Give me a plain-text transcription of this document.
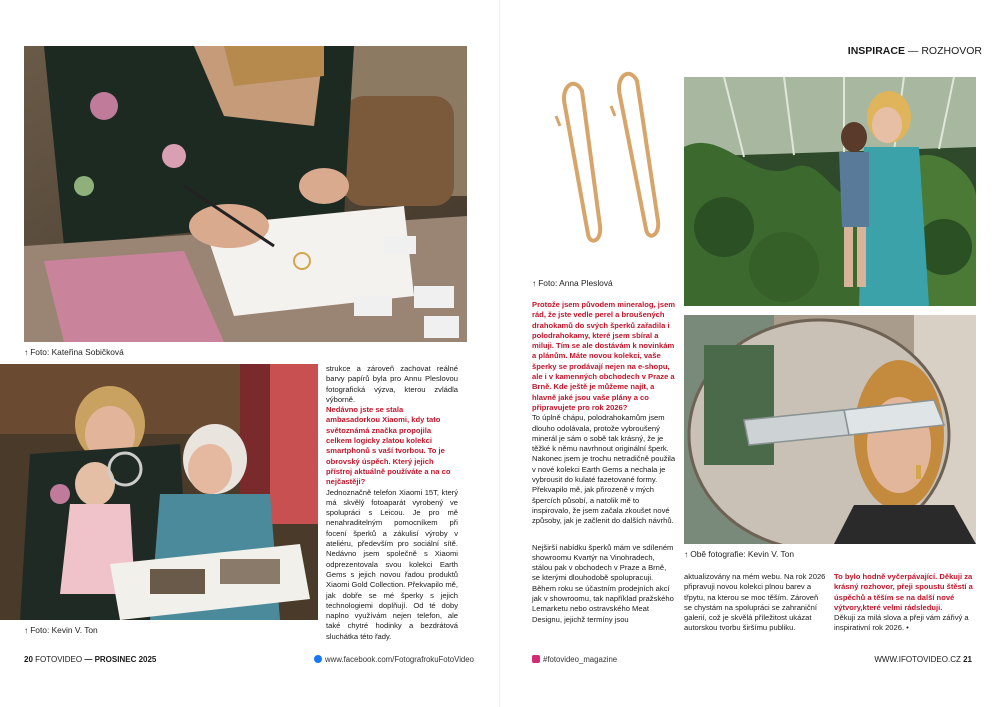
INSPIRACE — ROZHOVOR
↑ Foto: Kateřina Sobičková
↑ Foto: Kevin V. Ton

strukce a zároveň zachovat reálné barvy papírů byla pro Annu Pleslovou fotografická výzva, kterou zvládla výborně.

Nedávno jste se stala ambasadorkou Xiaomi, kdy tato světoznámá značka propojila celkem logicky zlatou kolekci smartphonů s vaší tvorbou. To je obrovský úspěch. Který jejich přístroj aktuálně používáte a na co nejčastěji?

Jednoznačně telefon Xiaomi 15T, který má skvělý fotoaparát vyrobený ve spolupráci s Leicou. Je pro mě nenahraditelným pomocníkem při focení šperků a zákulisí výroby v ateliéru, především pro sociální sítě. Nedávno jsem společně s Xiaomi odprezentovala svou kolekci Earth Gems s jejich novou řadou produktů Xiaomi Gold Collection. Překvapilo mě, jak dobře se mé šperky s jejich technologiemi doplňují. Od té doby naplno využívám nejen telefon, ale také chytré hodinky a bezdrátová sluchátka této řady.

↑ Foto: Anna Pleslová

Protože jsem původem mineralog, jsem rád, že jste vedle perel a broušených drahokamů do svých šperků zařadila i polodrahokamy, které jsem sbíral a miluji. Tím se ale dostávám k novinkám a plánům. Máte novou kolekci, vaše šperky se prodávají nejen na e-shopu, ale i v kamenných obchodech v Praze a Brně. Kde ještě je můžeme najít, a hlavně jaké jsou vaše plány a co připravujete pro rok 2026?

To úplně chápu, polodrahokamům jsem dlouho odolávala, protože vybroušený minerál je sám o sobě tak krásný, že je těžké k němu navrhnout originální šperk. Nakonec jsem je trochu netradičně použila v nové kolekci Earth Gems a nechala je vybrousit do kulaté fazetované formy. Překvapilo mě, jak přirozeně v mých špercích působí, a natolik mě to inspirovalo, že jsem začala zkoušet nové způsoby, jak je začlenit do dalších návrhů.

Nejširší nabídku šperků mám ve sdíleném showroomu Kvartýr na Vinohradech, stálou pak v obchodech v Praze a Brně, se kterými dlouhodobě spolupracuji. Během roku se účastním prodejních akcí jak v showroomu, tak například pražského Lemarketu nebo ostravského Meat Designu, jejichž termíny jsou

↑ Obě fotografie: Kevin V. Ton

aktualizovány na mém webu. Na rok 2026 připravuji novou kolekci plnou barev a třpytu, na kterou se moc těším. Zároveň se chystám na spolupráci se zahraniční galerií, což je skvělá příležitost ukázat autorskou tvorbu širšímu publiku.

To bylo hodně vyčerpávající. Děkuji za krásný rozhovor, přeji spoustu štěstí a úspěchů a těším se na další nové výtvory,které velmi rádsleduji.

Děkuji za milá slova a přeji vám zářivý a inspirativní rok 2026. •

20 FOTOVIDEO — PROSINEC 2025	www.facebook.com/FotografrokuFotoVideo	#fotovideo_magazine	WWW.IFOTOVIDEO.CZ 21
